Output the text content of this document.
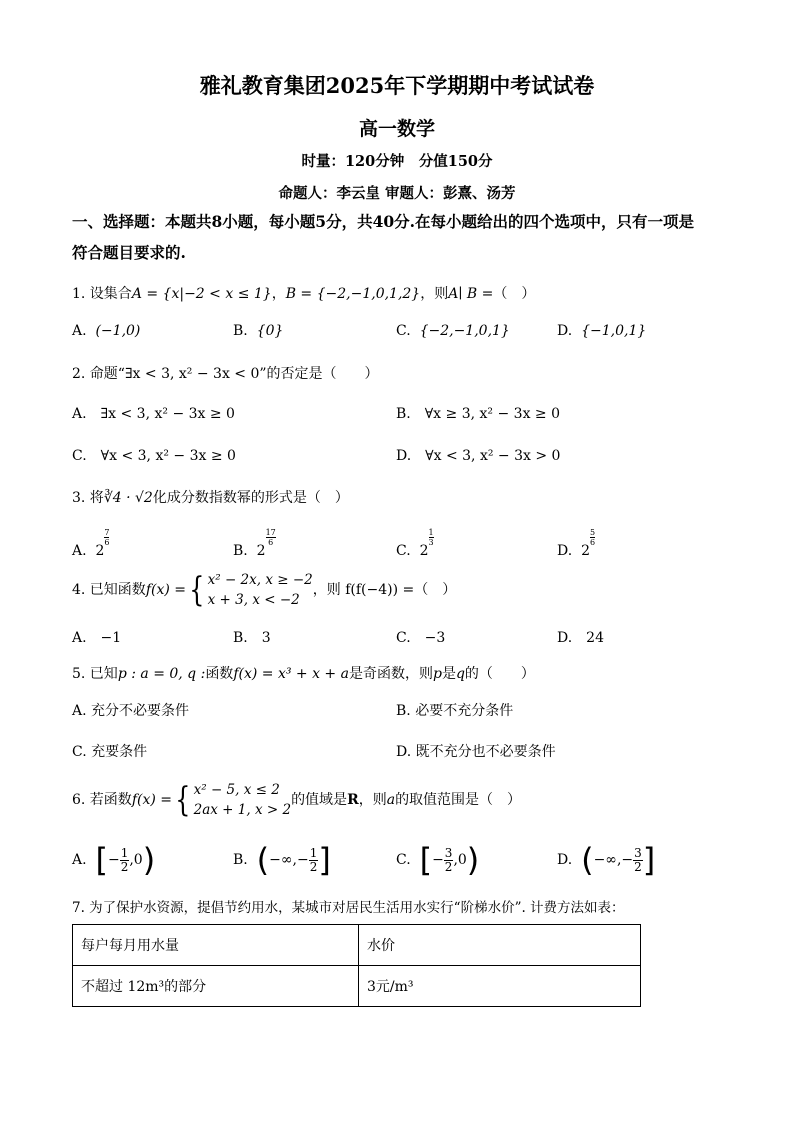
雅礼教育集团2025年下学期期中考试试卷
高一数学
时量：120分钟　分值150分
命题人：李云皇 审题人：彭熹、汤芳
一、选择题：本题共8小题，每小题5分，共40分.在每小题给出的四个选项中，只有一项是
符合题目要求的.
1. 设集合A = {x|−2 < x ≤ 1}，B = {−2,−1,0,1,2}，则A∣ B =（　）
A. (−1,0)	B. {0}	C. {−2,−1,0,1}	D. {−1,0,1}
2. 命题“∃x < 3, x² − 3x < 0”的否定是（　　）
A.　∃x < 3, x² − 3x ≥ 0	B.　∀x ≥ 3, x² − 3x ≥ 0
C.　∀x < 3, x² − 3x ≥ 0	D.　∀x < 3, x² − 3x > 0
3. 将∛4 · √2化成分数指数幂的形式是（　）
A. 2
$\frac{7}{6}$
B. 2
$\frac{17}{6}$
C. 2
$\frac{1}{3}$
D. 2
$\frac{5}{6}$
4. 已知函数f(x) ={ x² − 2x, x ≥ −2
x + 3, x < −2
，则 f(f(−4)) =（　）
A.　−1	B.　3	C.　−3	D.　24
5. 已知p : a = 0, q :函数f(x) = x³ + x + a是奇函数，则p是q的（　　）
A. 充分不必要条件	B. 必要不充分条件
C. 充要条件	D. 既不充分也不必要条件
6. 若函数f(x) ={ x² − 5, x ≤ 2
2ax + 1, x > 2
的值域是R，则a的取值范围是（　）
A. [− $\frac{1}{2} ,0$)	B. (−∞,− $\frac{1}{2}$ ]	C. [− $\frac{3}{2} ,0$)	D. (−∞,− $\frac{3}{2}$ ]
7. 为了保护水资源，提倡节约用水，某城市对居民生活用水实行“阶梯水价”. 计费方法如表：
每户每月用水量	水价
不超过 12m³的部分	3元/m³
